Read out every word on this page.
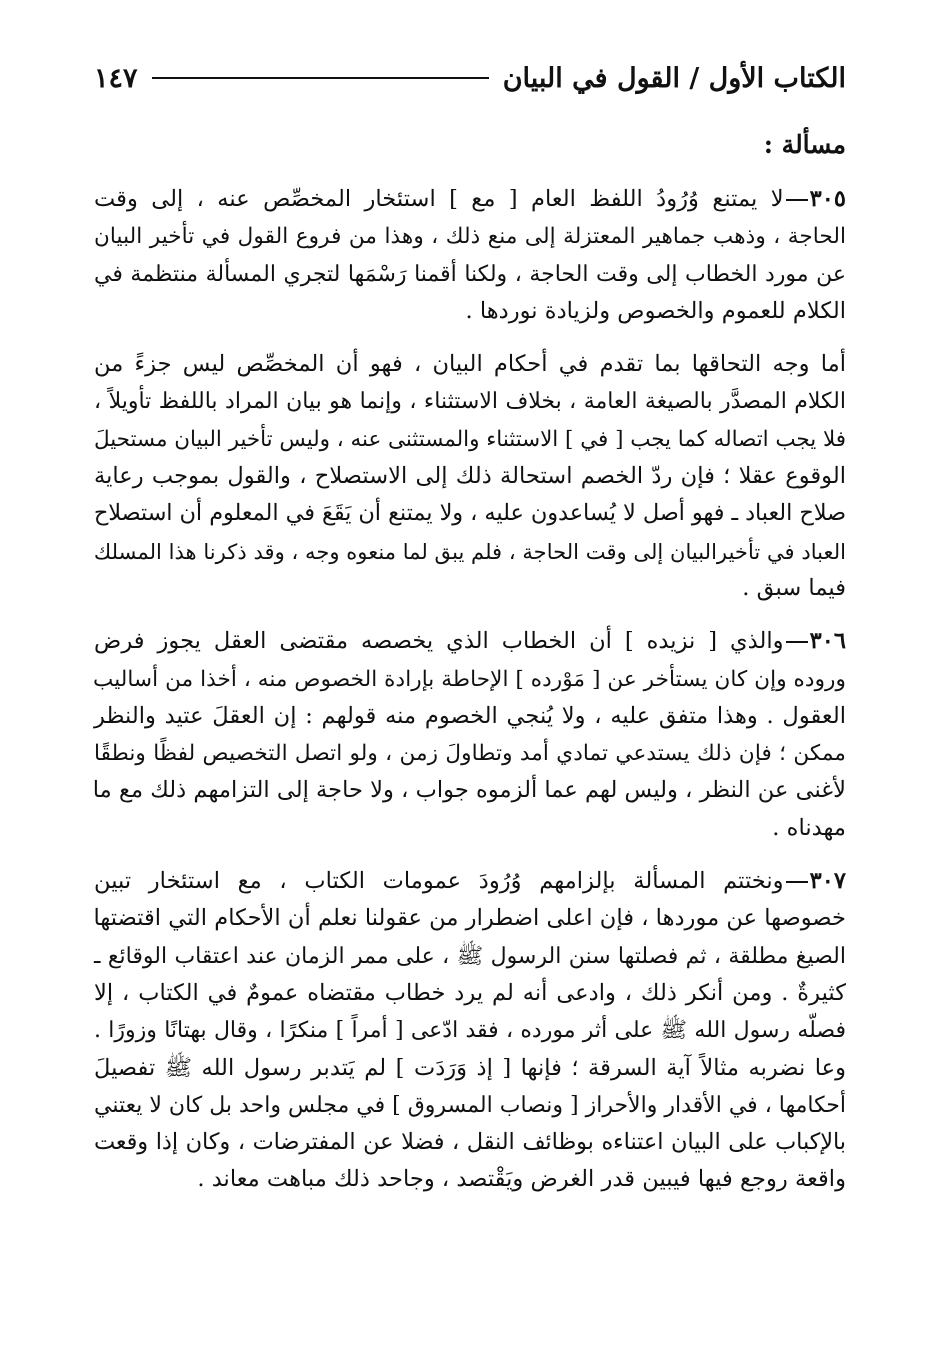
الكتاب الأول / القول في البيان
١٤٧
مسألة :
٣٠٥لا يمتنع وُرُودُ اللفظ العام [ مع ] استئخار المخصِّص عنه ، إلى وقت
الحاجة ، وذهب جماهير المعتزلة إلى منع ذلك ، وهذا من فروع القول في تأخير البيان
عن مورد الخطاب إلى وقت الحاجة ، ولكنا أقمنا رَسْمَها لتجري المسألة منتظمة في
الكلام للعموم والخصوص ولزيادة نوردها .
أما وجه التحاقها بما تقدم في أحكام البيان ، فهو أن المخصِّص ليس جزءً من
الكلام المصدَّر بالصيغة العامة ، بخلاف الاستثناء ، وإنما هو بيان المراد باللفظ تأويلاً ،
فلا يجب اتصاله كما يجب [ في ] الاستثناء والمستثنى عنه ، وليس تأخير البيان مستحيلَ
الوقوع عقلا ؛ فإن ردّ الخصم استحالة ذلك إلى الاستصلاح ، والقول بموجب رعاية
صلاح العباد ـ فهو أصل لا يُساعدون عليه ، ولا يمتنع أن يَقَعَ في المعلوم أن استصلاح
العباد في تأخيرالبيان إلى وقت الحاجة ، فلم يبق لما منعوه وجه ، وقد ذكرنا هذا المسلك
فيما سبق .
٣٠٦والذي [ نزيده ] أن الخطاب الذي يخصصه مقتضى العقل يجوز فرض
وروده وإن كان يستأخر عن [ مَوْرده ] الإحاطة بإرادة الخصوص منه ، أخذا من أساليب
العقول . وهذا متفق عليه ، ولا يُنجي الخصوم منه قولهم : إن العقلَ عتيد والنظر
ممكن ؛ فإن ذلك يستدعي تمادي أمد وتطاولَ زمن ، ولو اتصل التخصيص لفظًا ونطقًا
لأغنى عن النظر ، وليس لهم عما ألزموه جواب ، ولا حاجة إلى التزامهم ذلك مع ما
مهدناه .
٣٠٧ونختتم المسألة بإلزامهم وُرُودَ عمومات الكتاب ، مع استئخار تبين
خصوصها عن موردها ، فإن اعلى اضطرار من عقولنا نعلم أن الأحكام التي اقتضتها
الصيغ مطلقة ، ثم فصلتها سنن الرسول ﷺ ، على ممر الزمان عند اعتقاب الوقائع ـ
كثيرةٌ . ومن أنكر ذلك ، وادعى أنه لم يرد خطاب مقتضاه عمومٌ في الكتاب ، إلا
فصلّه رسول الله ﷺ على أثر مورده ، فقد ادّعى [ أمراً ] منكرًا ، وقال بهتانًا وزورًا .
وعا نضربه مثالاً آية السرقة ؛ فإنها [ إذ وَرَدَت ] لم يَتدبر رسول الله ﷺ تفصيلَ
أحكامها ، في الأقدار والأحراز [ ونصاب المسروق ] في مجلس واحد بل كان لا يعتني
بالإكباب على البيان اعتناءه بوظائف النقل ، فضلا عن المفترضات ، وكان إذا وقعت
واقعة روجع فيها فيبين قدر الغرض ويَقْتصد ، وجاحد ذلك مباهت معاند .
